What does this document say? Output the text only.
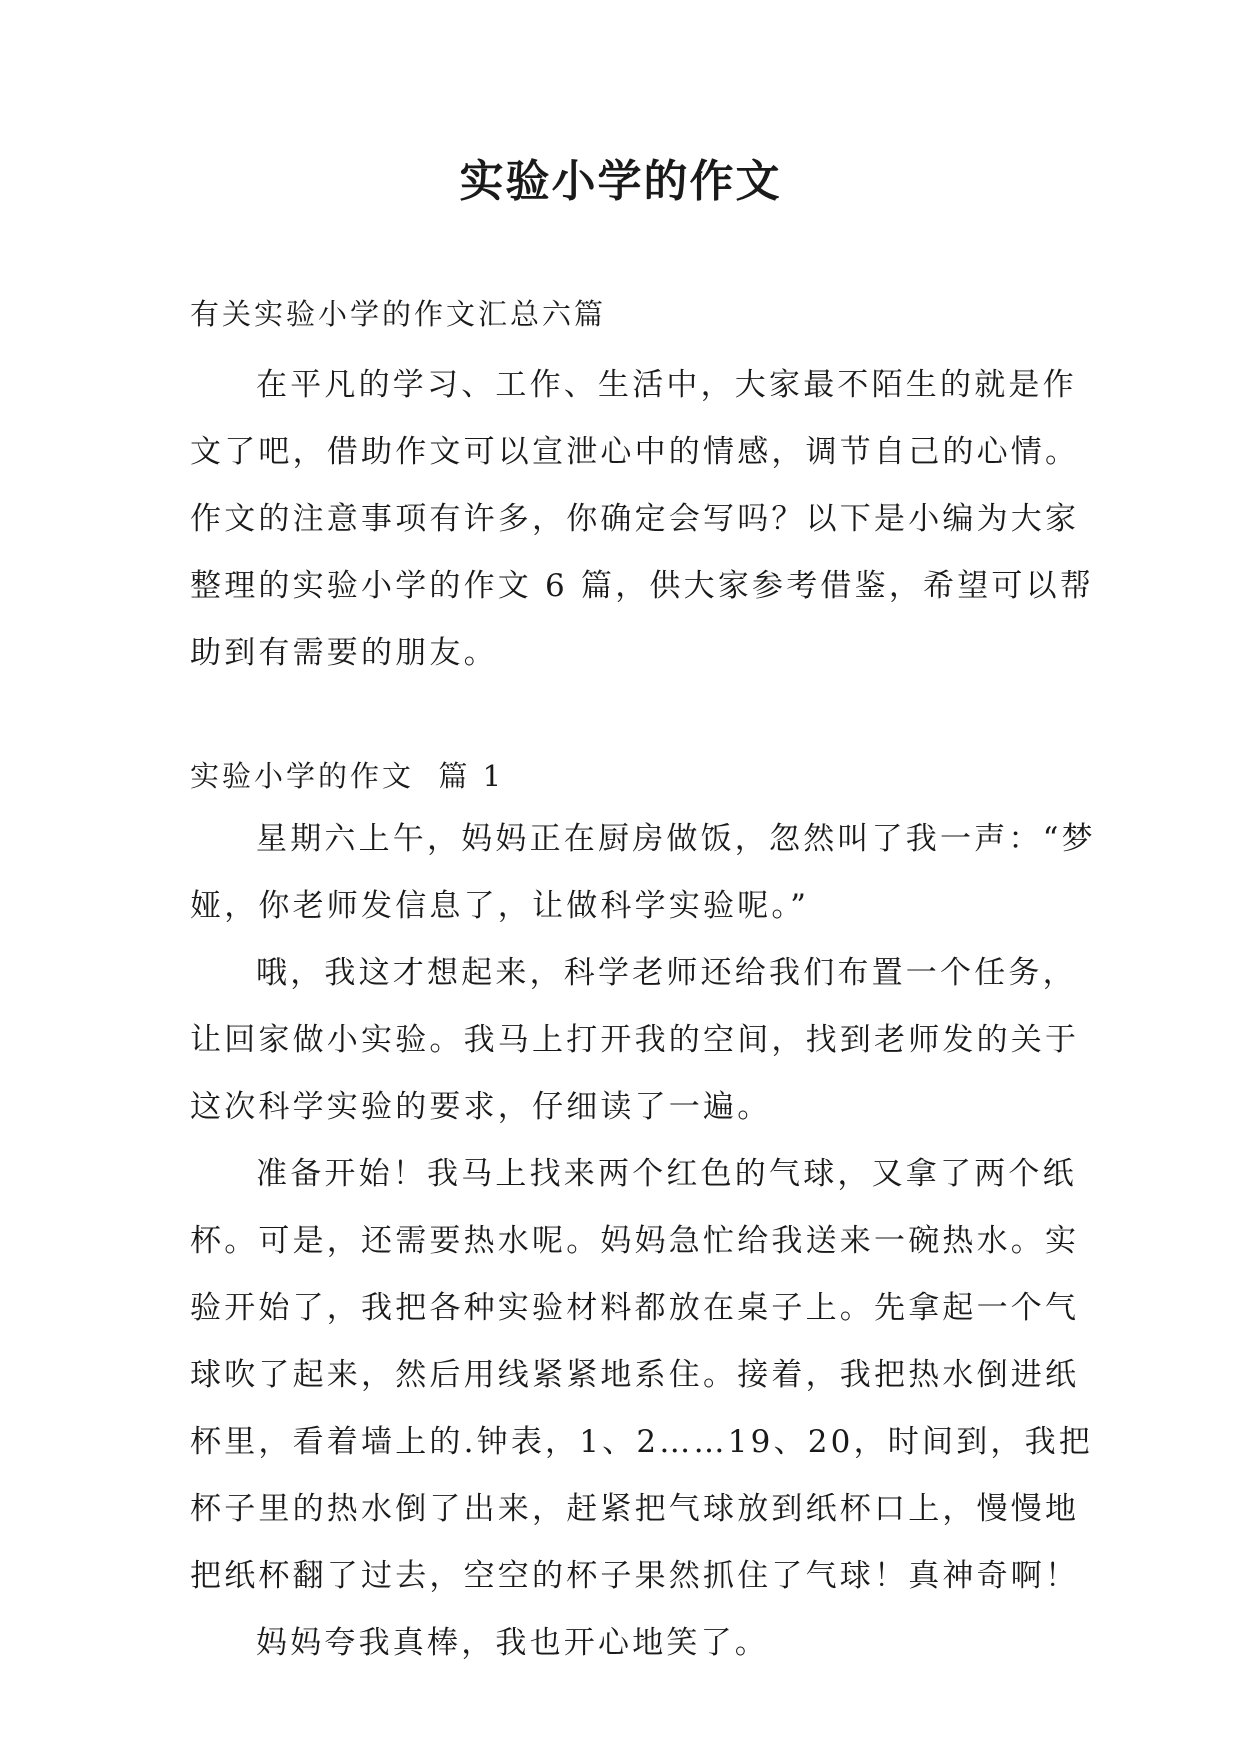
实验小学的作文

有关实验小学的作文汇总六篇

在平凡的学习、工作、生活中，大家最不陌生的就是作
文了吧，借助作文可以宣泄心中的情感，调节自己的心情。
作文的注意事项有许多，你确定会写吗？以下是小编为大家
整理的实验小学的作文 6 篇，供大家参考借鉴，希望可以帮
助到有需要的朋友。

实验小学的作文  篇 1

星期六上午，妈妈正在厨房做饭，忽然叫了我一声：“梦
娅，你老师发信息了，让做科学实验呢。”
哦，我这才想起来，科学老师还给我们布置一个任务，
让回家做小实验。我马上打开我的空间，找到老师发的关于
这次科学实验的要求，仔细读了一遍。
准备开始！我马上找来两个红色的气球，又拿了两个纸
杯。可是，还需要热水呢。妈妈急忙给我送来一碗热水。实
验开始了，我把各种实验材料都放在桌子上。先拿起一个气
球吹了起来，然后用线紧紧地系住。接着，我把热水倒进纸
杯里，看着墙上的.钟表，1、2……19、20，时间到，我把
杯子里的热水倒了出来，赶紧把气球放到纸杯口上，慢慢地
把纸杯翻了过去，空空的杯子果然抓住了气球！真神奇啊！
妈妈夸我真棒，我也开心地笑了。
